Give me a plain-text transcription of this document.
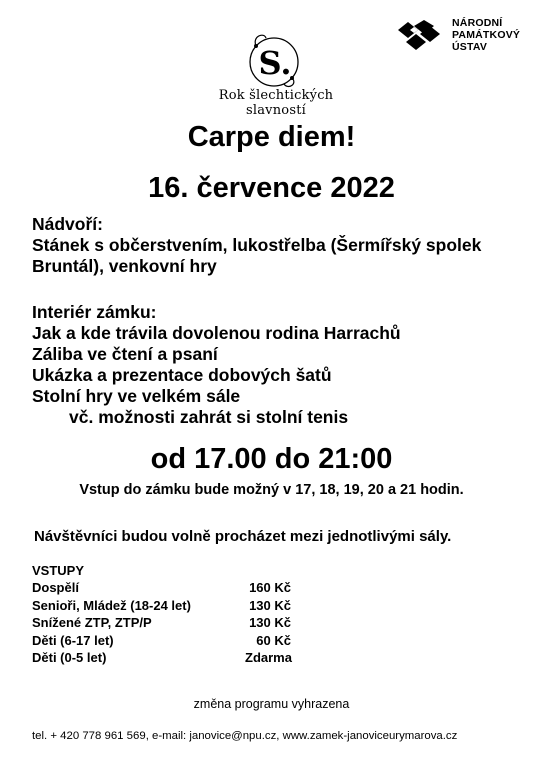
S.
Rok šlechtických
slavností
NÁRODNÍ
PAMÁTKOVÝ
ÚSTAV
Carpe diem!
16. července 2022
Nádvoří:
Stánek s občerstvením, lukostřelba (Šermířský spolek
Bruntál), venkovní hry
Interiér zámku:
Jak a kde trávila dovolenou rodina Harrachů
Záliba ve čtení a psaní
Ukázka a prezentace dobových šatů
Stolní hry ve velkém sále
vč. možnosti zahrát si stolní tenis
od 17.00 do 21:00
Vstup do zámku bude možný v 17, 18, 19, 20 a 21 hodin.
Návštěvníci budou volně procházet mezi jednotlivými sály.
VSTUPY
Dospělí	160 Kč
Senioři, Mládež (18-24 let)	130 Kč
Snížené ZTP, ZTP/P	130 Kč
Děti (6-17 let)	60 Kč
Děti (0-5 let)	Zdarma
změna programu vyhrazena
tel. + 420 778 961 569, e-mail: janovice@npu.cz, www.zamek-janoviceurymarova.cz
